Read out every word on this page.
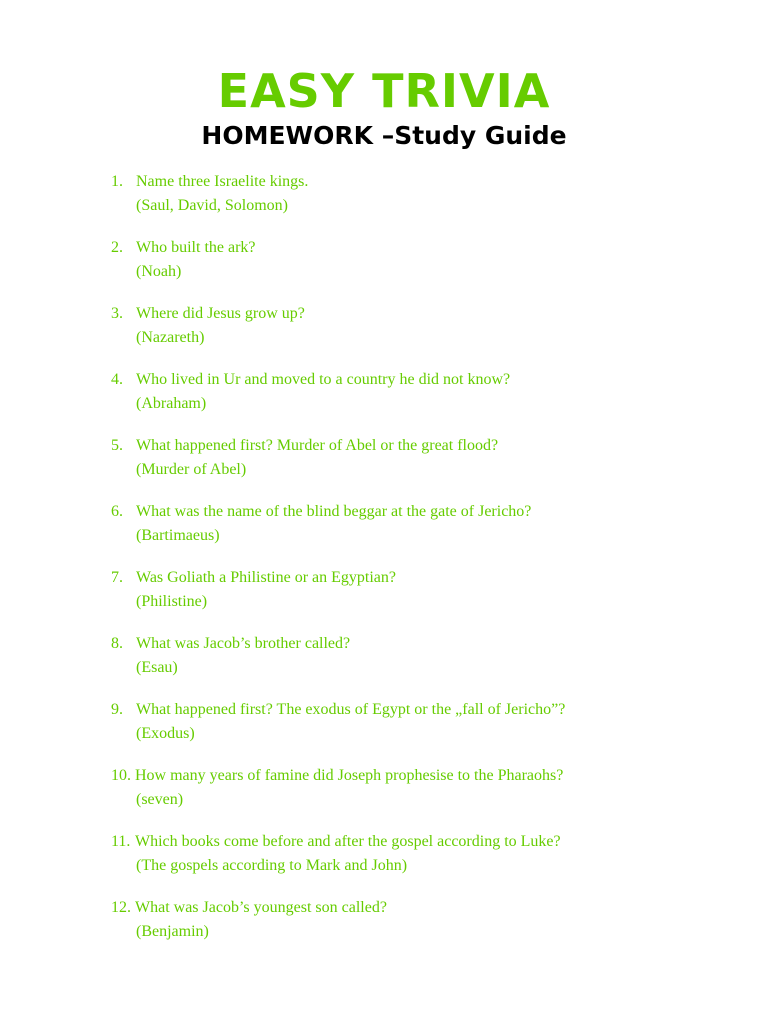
EASY TRIVIA
HOMEWORK –Study Guide
1. Name three Israelite kings.
(Saul, David, Solomon)
2. Who built the ark?
(Noah)
3. Where did Jesus grow up?
(Nazareth)
4. Who lived in Ur and moved to a country he did not know?
(Abraham)
5. What happened first? Murder of Abel or the great flood?
(Murder of Abel)
6. What was the name of the blind beggar at the gate of Jericho?
(Bartimaeus)
7. Was Goliath a Philistine or an Egyptian?
(Philistine)
8. What was Jacob’s brother called?
(Esau)
9. What happened first? The exodus of Egypt or the „fall of Jericho”?
(Exodus)
10. How many years of famine did Joseph prophesise to the Pharaohs?
(seven)
11. Which books come before and after the gospel according to Luke?
(The gospels according to Mark and John)
12. What was Jacob’s youngest son called?
(Benjamin)
